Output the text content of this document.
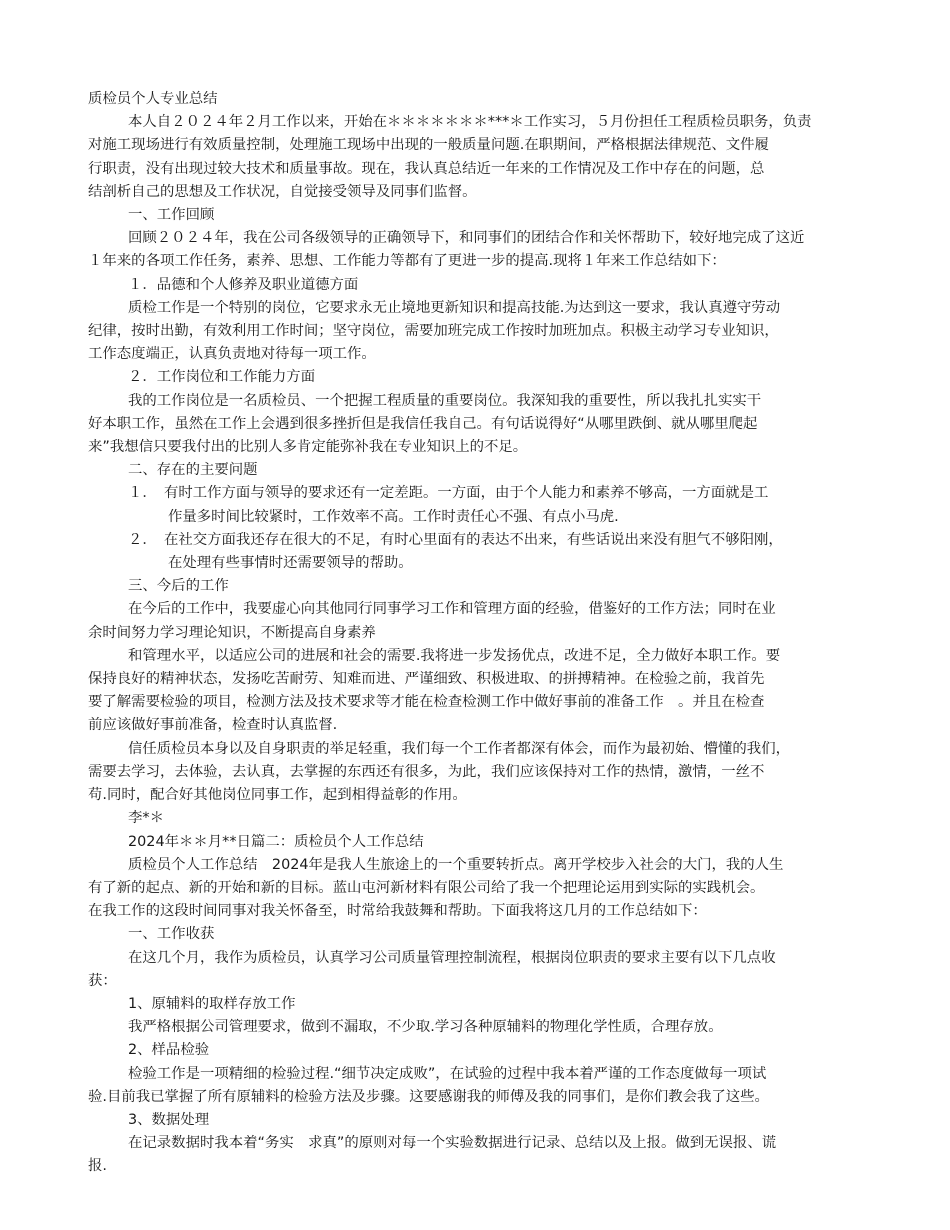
质检员个人专业总结
本人自２０２４年２月工作以来，开始在＊＊＊＊＊＊＊***＊工作实习，５月份担任工程质检员职务，负责
对施工现场进行有效质量控制，处理施工现场中出现的一般质量问题.在职期间，严格根据法律规范、文件履
行职责，没有出现过较大技术和质量事故。现在，我认真总结近一年来的工作情况及工作中存在的问题，总
结剖析自己的思想及工作状况，自觉接受领导及同事们监督。
一、工作回顾
回顾２０２４年，我在公司各级领导的正确领导下，和同事们的团结合作和关怀帮助下，较好地完成了这近
１年来的各项工作任务，素养、思想、工作能力等都有了更进一步的提高.现将１年来工作总结如下：
１．品德和个人修养及职业道德方面
质检工作是一个特别的岗位，它要求永无止境地更新知识和提高技能.为达到这一要求，我认真遵守劳动
纪律，按时出勤，有效利用工作时间；坚守岗位，需要加班完成工作按时加班加点。积极主动学习专业知识，
工作态度端正，认真负责地对待每一项工作。
２．工作岗位和工作能力方面
我的工作岗位是一名质检员、一个把握工程质量的重要岗位。我深知我的重要性，所以我扎扎实实干
好本职工作，虽然在工作上会遇到很多挫折但是我信任我自己。有句话说得好“从哪里跌倒、就从哪里爬起
来”我想信只要我付出的比别人多肯定能弥补我在专业知识上的不足。
二、存在的主要问题
１．　有时工作方面与领导的要求还有一定差距。一方面，由于个人能力和素养不够高，一方面就是工
作量多时间比较紧时，工作效率不高。工作时责任心不强、有点小马虎.
２．　在社交方面我还存在很大的不足，有时心里面有的表达不出来，有些话说出来没有胆气不够阳刚，
在处理有些事情时还需要领导的帮助。
三、今后的工作
在今后的工作中，我要虚心向其他同行同事学习工作和管理方面的经验，借鉴好的工作方法；同时在业
余时间努力学习理论知识，不断提高自身素养
和管理水平，以适应公司的进展和社会的需要.我将进一步发扬优点，改进不足，全力做好本职工作。要
保持良好的精神状态，发扬吃苦耐劳、知难而进、严谨细致、积极进取、的拼搏精神。在检验之前，我首先
要了解需要检验的项目，检测方法及技术要求等才能在检查检测工作中做好事前的准备工作　。并且在检查
前应该做好事前准备，检查时认真监督.
信任质检员本身以及自身职责的举足轻重，我们每一个工作者都深有体会，而作为最初始、懵懂的我们，
需要去学习，去体验，去认真，去掌握的东西还有很多，为此，我们应该保持对工作的热情，激情，一丝不
苟.同时，配合好其他岗位同事工作，起到相得益彰的作用。
李*＊
2024年＊＊月**日篇二：质检员个人工作总结
质检员个人工作总结　2024年是我人生旅途上的一个重要转折点。离开学校步入社会的大门，我的人生
有了新的起点、新的开始和新的目标。蓝山屯河新材料有限公司给了我一个把理论运用到实际的实践机会。
在我工作的这段时间同事对我关怀备至，时常给我鼓舞和帮助。下面我将这几月的工作总结如下：
一、工作收获
在这几个月，我作为质检员，认真学习公司质量管理控制流程，根据岗位职责的要求主要有以下几点收
获：
1、原辅料的取样存放工作
我严格根据公司管理要求，做到不漏取，不少取.学习各种原辅料的物理化学性质，合理存放。
2、样品检验
检验工作是一项精细的检验过程.“细节决定成败”，在试验的过程中我本着严谨的工作态度做每一项试
验.目前我已掌握了所有原辅料的检验方法及步骤。这要感谢我的师傅及我的同事们，是你们教会我了这些。
3、数据处理
在记录数据时我本着“务实　求真”的原则对每一个实验数据进行记录、总结以及上报。做到无误报、谎
报.
